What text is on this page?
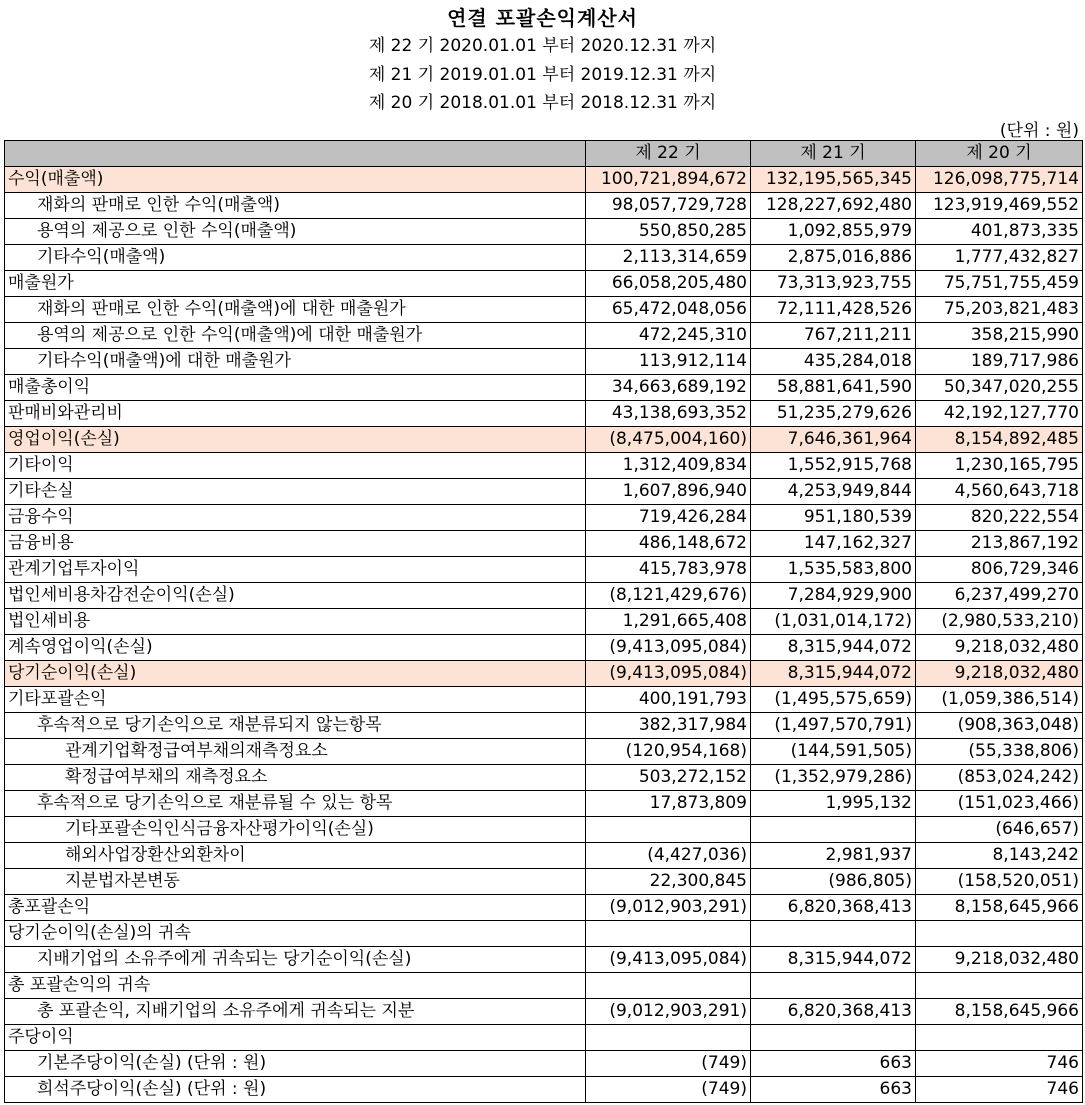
연결 포괄손익계산서
제 22 기 2020.01.01 부터 2020.12.31 까지
제 21 기 2019.01.01 부터 2019.12.31 까지
제 20 기 2018.01.01 부터 2018.12.31 까지
(단위 : 원)
	제 22 기	제 21 기	제 20 기
수익(매출액)	100,721,894,672	132,195,565,345	126,098,775,714
재화의 판매로 인한 수익(매출액)	98,057,729,728	128,227,692,480	123,919,469,552
용역의 제공으로 인한 수익(매출액)	550,850,285	1,092,855,979	401,873,335
기타수익(매출액)	2,113,314,659	2,875,016,886	1,777,432,827
매출원가	66,058,205,480	73,313,923,755	75,751,755,459
재화의 판매로 인한 수익(매출액)에 대한 매출원가	65,472,048,056	72,111,428,526	75,203,821,483
용역의 제공으로 인한 수익(매출액)에 대한 매출원가	472,245,310	767,211,211	358,215,990
기타수익(매출액)에 대한 매출원가	113,912,114	435,284,018	189,717,986
매출총이익	34,663,689,192	58,881,641,590	50,347,020,255
판매비와관리비	43,138,693,352	51,235,279,626	42,192,127,770
영업이익(손실)	(8,475,004,160)	7,646,361,964	8,154,892,485
기타이익	1,312,409,834	1,552,915,768	1,230,165,795
기타손실	1,607,896,940	4,253,949,844	4,560,643,718
금융수익	719,426,284	951,180,539	820,222,554
금융비용	486,148,672	147,162,327	213,867,192
관계기업투자이익	415,783,978	1,535,583,800	806,729,346
법인세비용차감전순이익(손실)	(8,121,429,676)	7,284,929,900	6,237,499,270
법인세비용	1,291,665,408	(1,031,014,172)	(2,980,533,210)
계속영업이익(손실)	(9,413,095,084)	8,315,944,072	9,218,032,480
당기순이익(손실)	(9,413,095,084)	8,315,944,072	9,218,032,480
기타포괄손익	400,191,793	(1,495,575,659)	(1,059,386,514)
후속적으로 당기손익으로 재분류되지 않는항목	382,317,984	(1,497,570,791)	(908,363,048)
관계기업확정급여부채의재측정요소	(120,954,168)	(144,591,505)	(55,338,806)
확정급여부채의 재측정요소	503,272,152	(1,352,979,286)	(853,024,242)
후속적으로 당기손익으로 재분류될 수 있는 항목	17,873,809	1,995,132	(151,023,466)
기타포괄손익인식금융자산평가이익(손실)			(646,657)
해외사업장환산외환차이	(4,427,036)	2,981,937	8,143,242
지분법자본변동	22,300,845	(986,805)	(158,520,051)
총포괄손익	(9,012,903,291)	6,820,368,413	8,158,645,966
당기순이익(손실)의 귀속			
지배기업의 소유주에게 귀속되는 당기순이익(손실)	(9,413,095,084)	8,315,944,072	9,218,032,480
총 포괄손익의 귀속			
총 포괄손익, 지배기업의 소유주에게 귀속되는 지분	(9,012,903,291)	6,820,368,413	8,158,645,966
주당이익			
기본주당이익(손실) (단위 : 원)	(749)	663	746
희석주당이익(손실) (단위 : 원)	(749)	663	746
